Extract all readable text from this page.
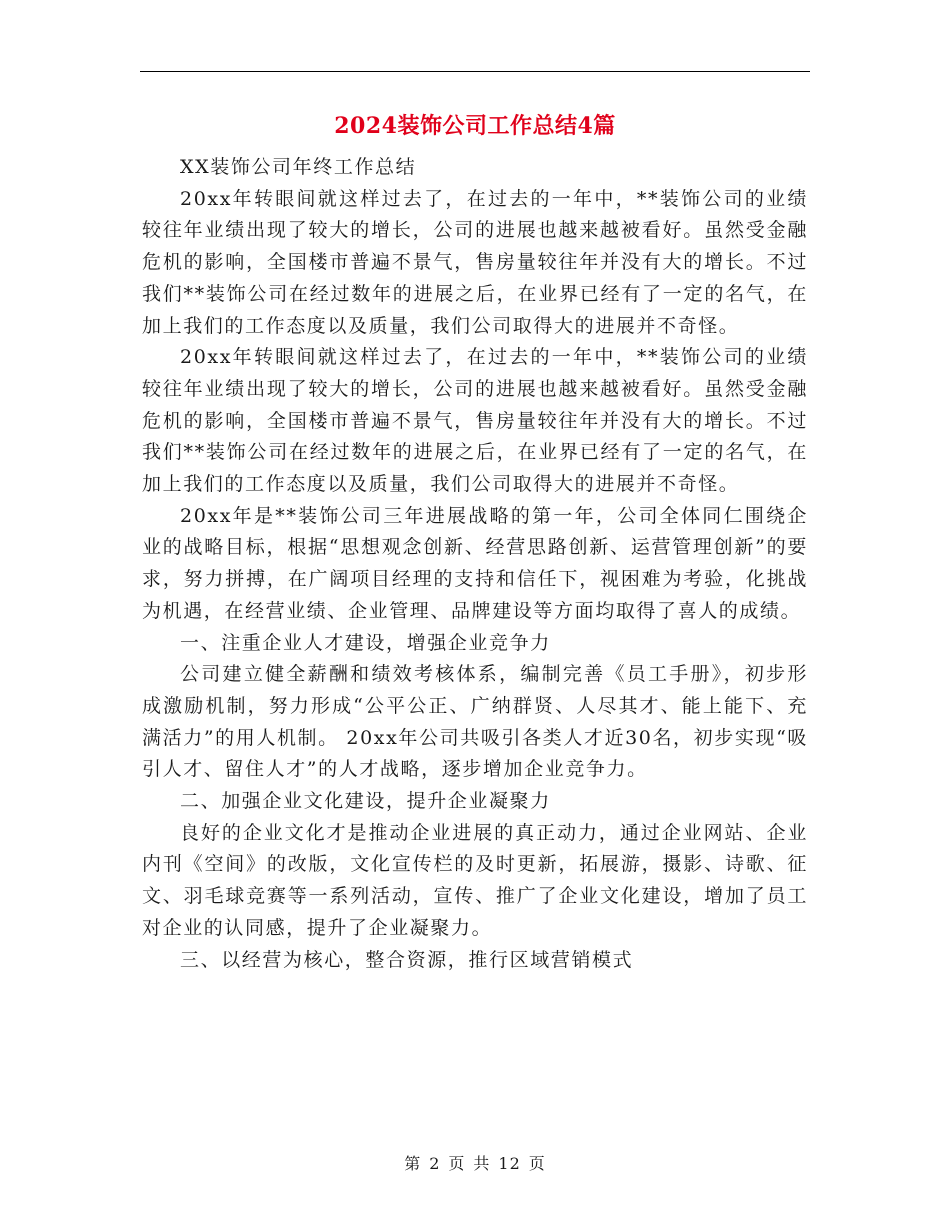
2024装饰公司工作总结4篇

XX装饰公司年终工作总结

20xx年转眼间就这样过去了，在过去的一年中，**装饰公司的业绩较往年业绩出现了较大的增长，公司的进展也越来越被看好。虽然受金融危机的影响，全国楼市普遍不景气，售房量较往年并没有大的增长。不过我们**装饰公司在经过数年的进展之后，在业界已经有了一定的名气，在加上我们的工作态度以及质量，我们公司取得大的进展并不奇怪。

20xx年转眼间就这样过去了，在过去的一年中，**装饰公司的业绩较往年业绩出现了较大的增长，公司的进展也越来越被看好。虽然受金融危机的影响，全国楼市普遍不景气，售房量较往年并没有大的增长。不过我们**装饰公司在经过数年的进展之后，在业界已经有了一定的名气，在加上我们的工作态度以及质量，我们公司取得大的进展并不奇怪。

20xx年是**装饰公司三年进展战略的第一年，公司全体同仁围绕企业的战略目标，根据“思想观念创新、经营思路创新、运营管理创新”的要求，努力拼搏，在广阔项目经理的支持和信任下，视困难为考验，化挑战为机遇，在经营业绩、企业管理、品牌建设等方面均取得了喜人的成绩。

一、注重企业人才建设，增强企业竞争力

公司建立健全薪酬和绩效考核体系，编制完善《员工手册》，初步形成激励机制，努力形成“公平公正、广纳群贤、人尽其才、能上能下、充满活力”的用人机制。 20xx年公司共吸引各类人才近30名，初步实现“吸引人才、留住人才”的人才战略，逐步增加企业竞争力。

二、加强企业文化建设，提升企业凝聚力

良好的企业文化才是推动企业进展的真正动力，通过企业网站、企业内刊《空间》的改版，文化宣传栏的及时更新，拓展游，摄影、诗歌、征文、羽毛球竞赛等一系列活动，宣传、推广了企业文化建设，增加了员工对企业的认同感，提升了企业凝聚力。

三、以经营为核心，整合资源，推行区域营销模式

第 2 页 共 12 页
